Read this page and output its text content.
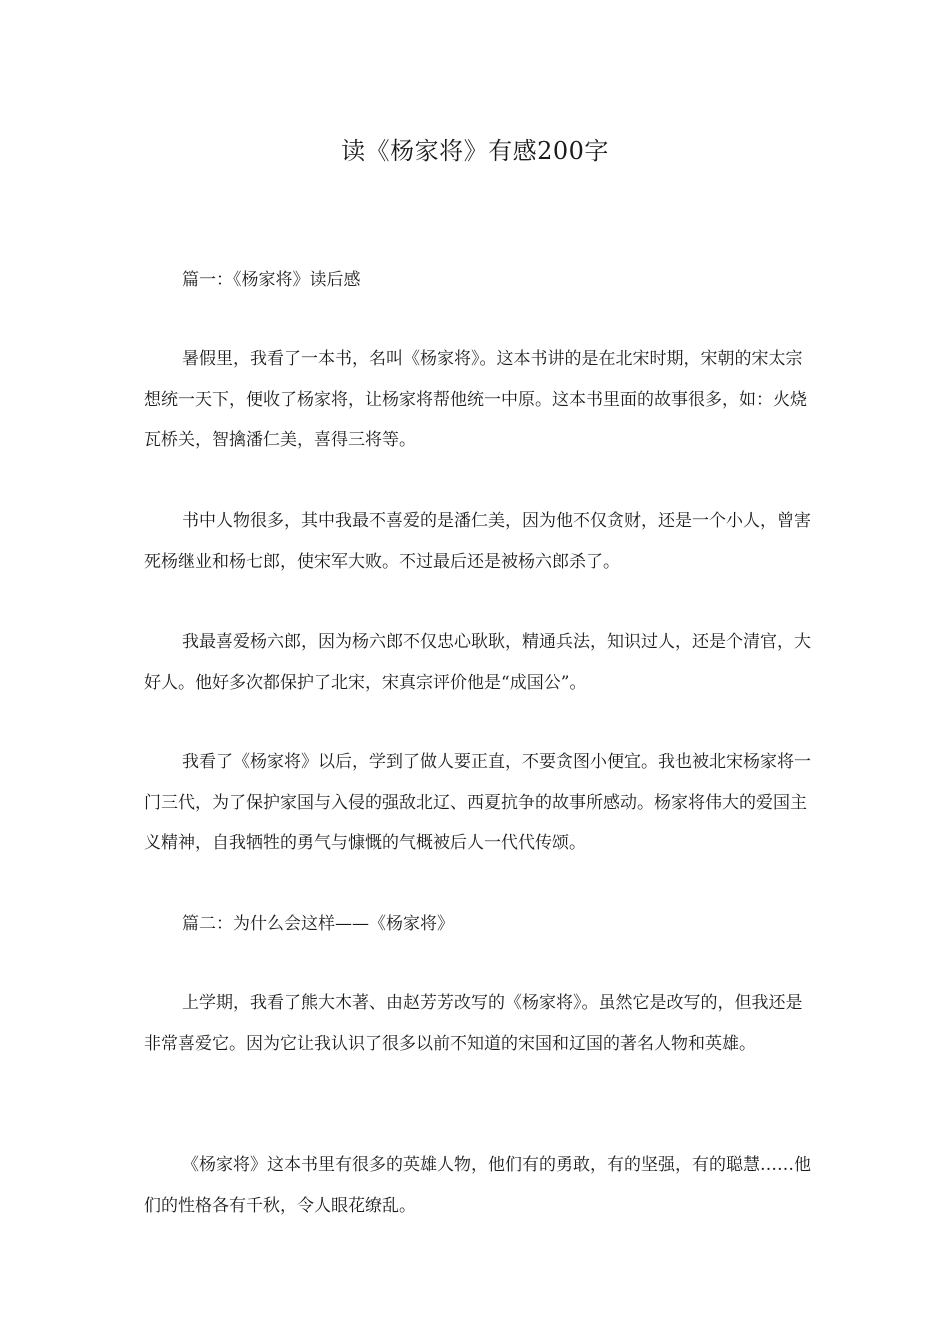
读《杨家将》有感200字

篇一：《杨家将》读后感

暑假里，我看了一本书，名叫《杨家将》。这本书讲的是在北宋时期，宋朝的宋太宗想统一天下，便收了杨家将，让杨家将帮他统一中原。这本书里面的故事很多，如：火烧瓦桥关，智擒潘仁美，喜得三将等。

书中人物很多，其中我最不喜爱的是潘仁美，因为他不仅贪财，还是一个小人，曾害死杨继业和杨七郎，使宋军大败。不过最后还是被杨六郎杀了。

我最喜爱杨六郎，因为杨六郎不仅忠心耿耿，精通兵法，知识过人，还是个清官，大好人。他好多次都保护了北宋，宋真宗评价他是“成国公”。

我看了《杨家将》以后，学到了做人要正直，不要贪图小便宜。我也被北宋杨家将一门三代，为了保护家国与入侵的强敌北辽、西夏抗争的故事所感动。杨家将伟大的爱国主义精神，自我牺牲的勇气与慷慨的气概被后人一代代传颂。

篇二：为什么会这样——《杨家将》

上学期，我看了熊大木著、由赵芳芳改写的《杨家将》。虽然它是改写的，但我还是非常喜爱它。因为它让我认识了很多以前不知道的宋国和辽国的著名人物和英雄。

《杨家将》这本书里有很多的英雄人物，他们有的勇敢，有的坚强，有的聪慧……他们的性格各有千秋，令人眼花缭乱。
